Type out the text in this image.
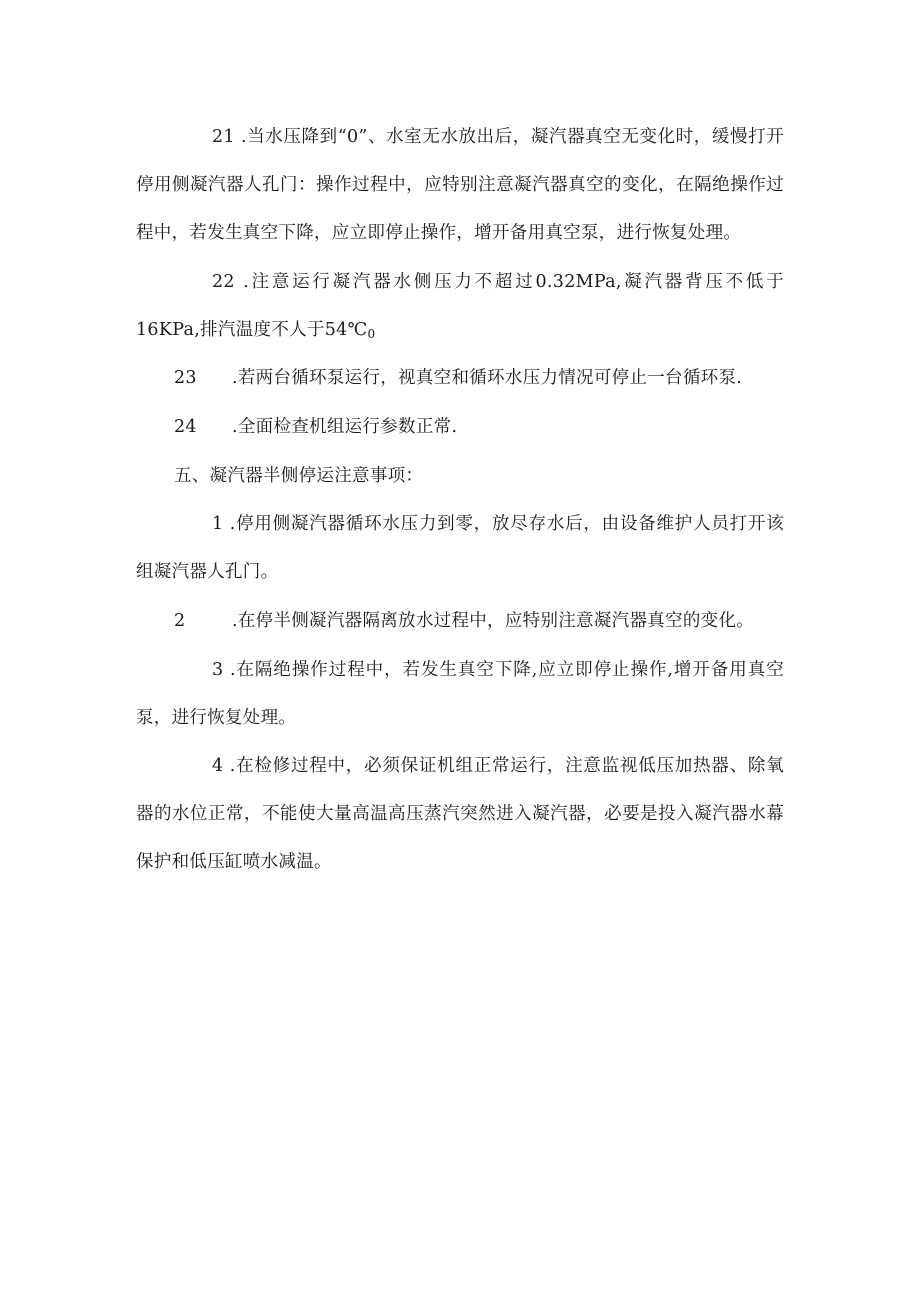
21 .当水压降到“0”、水室无水放出后，凝汽器真空无变化时，缓慢打开停用侧凝汽器人孔门：操作过程中，应特别注意凝汽器真空的变化，在隔绝操作过程中，若发生真空下降，应立即停止操作，增开备用真空泵，进行恢复处理。

22 .注意运行凝汽器水侧压力不超过0.32MPa,凝汽器背压不低于16KPa,排汽温度不人于$54℃_0$

23 .若两台循环泵运行，视真空和循环水压力情况可停止一台循环泵.

24 .全面检查机组运行参数正常.

五、凝汽器半侧停运注意事项：

1 .停用侧凝汽器循环水压力到零，放尽存水后，由设备维护人员打开该组凝汽器人孔门。

2	.在停半侧凝汽器隔离放水过程中，应特别注意凝汽器真空的变化。

3 .在隔绝操作过程中，若发生真空下降,应立即停止操作,增开备用真空泵，进行恢复处理。

4 .在检修过程中，必须保证机组正常运行，注意监视低压加热器、除氧器的水位正常，不能使大量高温高压蒸汽突然进入凝汽器，必要是投入凝汽器水幕保护和低压缸喷水减温。
